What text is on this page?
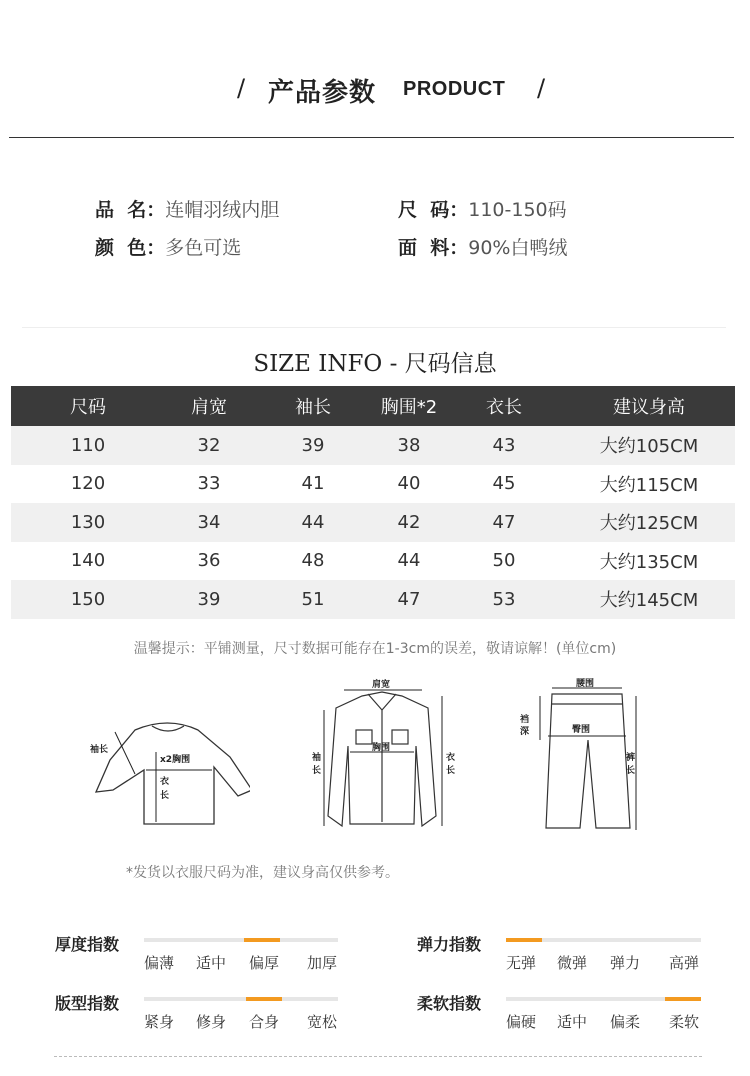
/ 产品参数 PRODUCT /
品  名： 连帽羽绒内胆	尺  码： 110-150码
颜  色： 多色可选	面  料： 90%白鸭绒
SIZE INFO - 尺码信息
尺码	肩宽	袖长	胸围*2	衣长	建议身高
110	32	39	38	43	大约105CM
120	33	41	40	45	大约115CM
130	34	44	42	47	大约125CM
140	36	48	44	50	大约135CM
150	39	51	47	53	大约145CM
温馨提示：平铺测量，尺寸数据可能存在1-3cm的误差，敬请谅解！(单位cm)
袖长
x2胸围
衣
长
肩宽
胸围
袖
长
衣
长
腰围
臀围
裆
深
裤
长
*发货以衣服尺码为准，建议身高仅供参考。
厚度指数
偏薄 适中 偏厚 加厚
弹力指数
无弹 微弹 弹力 高弹
版型指数
紧身 修身 合身 宽松
柔软指数
偏硬 适中 偏柔 柔软
